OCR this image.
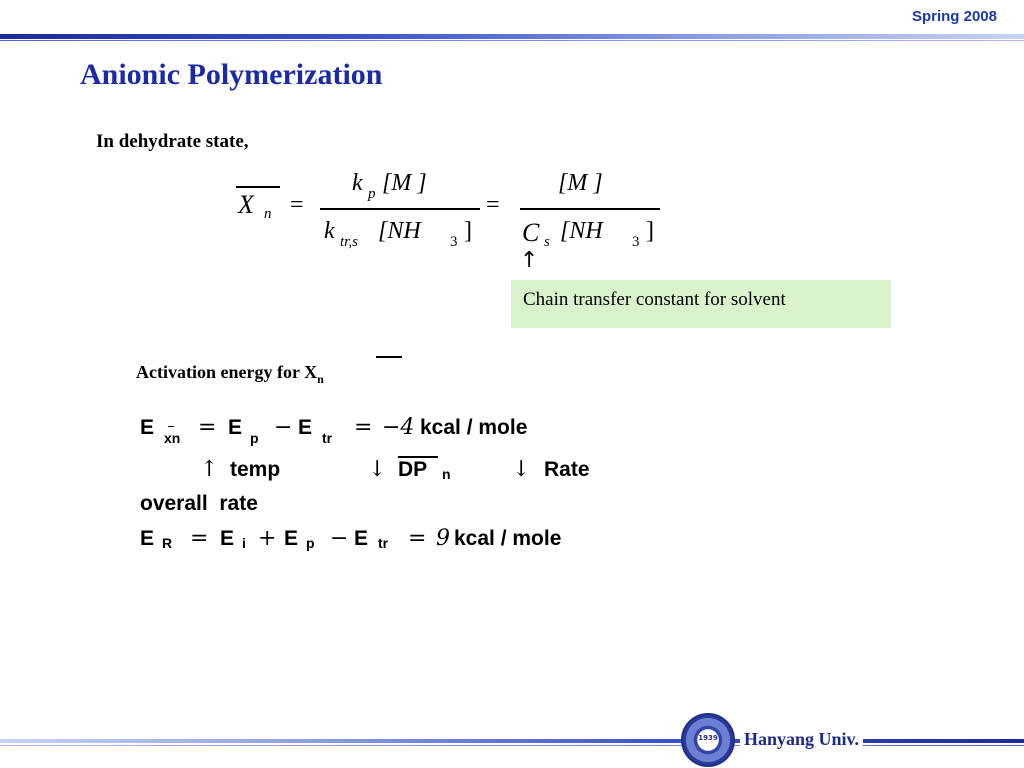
Spring 2008
Anionic Polymerization
In dehydrate state,
X n =
k p [M ]
k tr,s [NH 3 ]
=
[M ]
C s [NH 3 ]
↑
Chain transfer constant for solvent
Activation energy for $X_n$
E xn = E p − E tr = −4 kcal / mole
↑ temp	↓ DP n	↓ Rate
overall  rate
E R = E i + E p − E tr = 9 kcal / mole
1939 Hanyang Univ.
